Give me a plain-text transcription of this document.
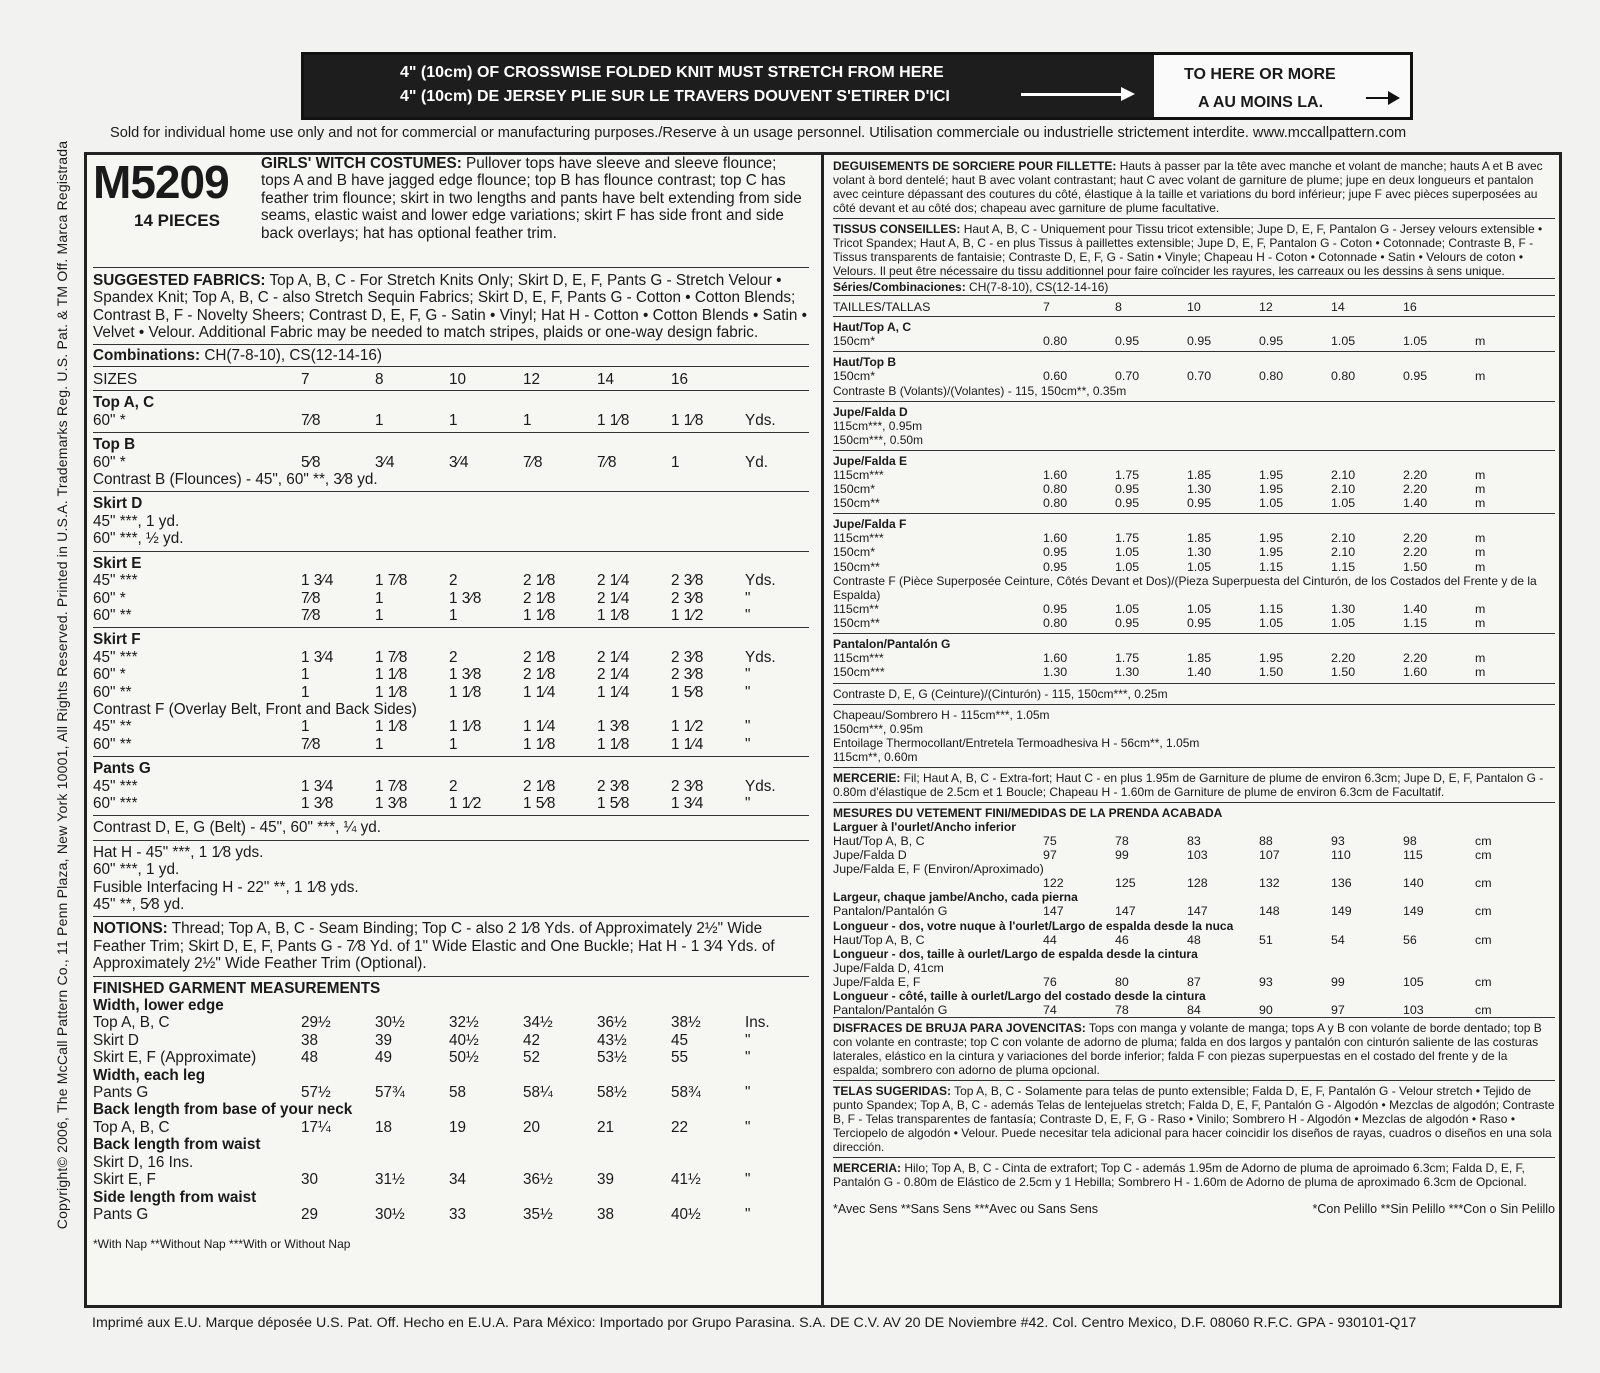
Copyright© 2006, The McCall Pattern Co., 11 Penn Plaza, New York 10001, All Rights Reserved. Printed in U.S.A. Trademarks Reg. U.S. Pat. & TM Off. Marca Registrada
4" (10cm) OF CROSSWISE FOLDED KNIT MUST STRETCH FROM HERE
4" (10cm) DE JERSEY PLIE SUR LE TRAVERS DOUVENT S'ETIRER D'ICI
TO HERE OR MORE
A AU MOINS LA.
Sold for individual home use only and not for commercial or manufacturing purposes./Reserve à un usage personnel. Utilisation commerciale ou industrielle strictement interdite. www.mccallpattern.com
M5209
14 PIECES
GIRLS' WITCH COSTUMES: Pullover tops have sleeve and sleeve flounce; tops A and B have jagged edge flounce; top B has flounce contrast; top C has feather trim flounce; skirt in two lengths and pants have belt extending from side seams, elastic waist and lower edge variations; skirt F has side front and side back overlays; hat has optional feather trim.
SUGGESTED FABRICS: Top A, B, C - For Stretch Knits Only; Skirt D, E, F, Pants G - Stretch Velour • Spandex Knit; Top A, B, C - also Stretch Sequin Fabrics; Skirt D, E, F, Pants G - Cotton • Cotton Blends; Contrast B, F - Novelty Sheers; Contrast D, E, F, G - Satin • Vinyl; Hat H - Cotton • Cotton Blends • Satin • Velvet • Velour. Additional Fabric may be needed to match stripes, plaids or one-way design fabric.
Combinations: CH(7-8-10), CS(12-14-16)
SIZES	7	8	10	12	14	16
Top A, C
60" *	7⁄8	1	1	1	1 1⁄8	1 1⁄8	Yds.
Top B
60" *	5⁄8	3⁄4	3⁄4	7⁄8	7⁄8	1	Yd.
Contrast B (Flounces) - 45", 60" **, 3⁄8 yd.
Skirt D
45" ***, 1 yd.
60" ***, ½ yd.
Skirt E
45" ***	1 3⁄4	1 7⁄8	2	2 1⁄8	2 1⁄4	2 3⁄8	Yds.
60" *	7⁄8	1	1 3⁄8	2 1⁄8	2 1⁄4	2 3⁄8	"
60" **	7⁄8	1	1	1 1⁄8	1 1⁄8	1 1⁄2	"
Skirt F
45" ***	1 3⁄4	1 7⁄8	2	2 1⁄8	2 1⁄4	2 3⁄8	Yds.
60" *	1	1 1⁄8	1 3⁄8	2 1⁄8	2 1⁄4	2 3⁄8	"
60" **	1	1 1⁄8	1 1⁄8	1 1⁄4	1 1⁄4	1 5⁄8	"
Contrast F (Overlay Belt, Front and Back Sides)
45" **	1	1 1⁄8	1 1⁄8	1 1⁄4	1 3⁄8	1 1⁄2	"
60" **	7⁄8	1	1	1 1⁄8	1 1⁄8	1 1⁄4	"
Pants G
45" ***	1 3⁄4	1 7⁄8	2	2 1⁄8	2 3⁄8	2 3⁄8	Yds.
60" ***	1 3⁄8	1 3⁄8	1 1⁄2	1 5⁄8	1 5⁄8	1 3⁄4	"
Contrast D, E, G (Belt) - 45", 60" ***, ¼ yd.
Hat H - 45" ***, 1 1⁄8 yds.
60" ***, 1 yd.
Fusible Interfacing H - 22" **, 1 1⁄8 yds.
45" **, 5⁄8 yd.
NOTIONS: Thread; Top A, B, C - Seam Binding; Top C - also 2 1⁄8 Yds. of Approximately 2½" Wide Feather Trim; Skirt D, E, F, Pants G - 7⁄8 Yd. of 1" Wide Elastic and One Buckle; Hat H - 1 3⁄4 Yds. of Approximately 2½" Wide Feather Trim (Optional).
FINISHED GARMENT MEASUREMENTS
Width, lower edge
Top A, B, C	29½	30½	32½	34½	36½	38½	Ins.
Skirt D	38	39	40½	42	43½	45	"
Skirt E, F (Approximate)	48	49	50½	52	53½	55	"
Width, each leg
Pants G	57½	57¾	58	58¼	58½	58¾	"
Back length from base of your neck
Top A, B, C	17¼	18	19	20	21	22	"
Back length from waist
Skirt D, 16 Ins.
Skirt E, F	30	31½	34	36½	39	41½	"
Side length from waist
Pants G	29	30½	33	35½	38	40½	"
*With Nap **Without Nap ***With or Without Nap
DEGUISEMENTS DE SORCIERE POUR FILLETTE: Hauts à passer par la tête avec manche et volant de manche; hauts A et B avec volant à bord dentelé; haut B avec volant contrastant; haut C avec volant de garniture de plume; jupe en deux longueurs et pantalon avec ceinture dépassant des coutures du côté, élastique à la taille et variations du bord inférieur; jupe F avec pièces superposées au côté devant et au côté dos; chapeau avec garniture de plume facultative.
TISSUS CONSEILLES: Haut A, B, C - Uniquement pour Tissu tricot extensible; Jupe D, E, F, Pantalon G - Jersey velours extensible • Tricot Spandex; Haut A, B, C - en plus Tissus à paillettes extensible; Jupe D, E, F, Pantalon G - Coton • Cotonnade; Contraste B, F - Tissus transparents de fantaisie; Contraste D, E, F, G - Satin • Vinyle; Chapeau H - Coton • Cotonnade • Satin • Velours de coton • Velours. Il peut être nécessaire du tissu additionnel pour faire coïncider les rayures, les carreaux ou les dessins à sens unique.
Séries/Combinaciones: CH(7-8-10), CS(12-14-16)
TAILLES/TALLAS	7	8	10	12	14	16
Haut/Top A, C
150cm*	0.80	0.95	0.95	0.95	1.05	1.05	m
Haut/Top B
150cm*	0.60	0.70	0.70	0.80	0.80	0.95	m
Contraste B (Volants)/(Volantes) - 115, 150cm**, 0.35m
Jupe/Falda D
115cm***, 0.95m
150cm***, 0.50m
Jupe/Falda E
115cm***	1.60	1.75	1.85	1.95	2.10	2.20	m
150cm*	0.80	0.95	1.30	1.95	2.10	2.20	m
150cm**	0.80	0.95	0.95	1.05	1.05	1.40	m
Jupe/Falda F
115cm***	1.60	1.75	1.85	1.95	2.10	2.20	m
150cm*	0.95	1.05	1.30	1.95	2.10	2.20	m
150cm**	0.95	1.05	1.05	1.15	1.15	1.50	m
Contraste F (Pièce Superposée Ceinture, Côtés Devant et Dos)/(Pieza Superpuesta del Cinturón, de los Costados del Frente y de la Espalda)
115cm**	0.95	1.05	1.05	1.15	1.30	1.40	m
150cm**	0.80	0.95	0.95	1.05	1.05	1.15	m
Pantalon/Pantalón G
115cm***	1.60	1.75	1.85	1.95	2.20	2.20	m
150cm***	1.30	1.30	1.40	1.50	1.50	1.60	m
Contraste D, E, G (Ceinture)/(Cinturón) - 115, 150cm***, 0.25m
Chapeau/Sombrero H - 115cm***, 1.05m
150cm***, 0.95m
Entoilage Thermocollant/Entretela Termoadhesiva H - 56cm**, 1.05m
115cm**, 0.60m
MERCERIE: Fil; Haut A, B, C - Extra-fort; Haut C - en plus 1.95m de Garniture de plume de environ 6.3cm; Jupe D, E, F, Pantalon G - 0.80m d'élastique de 2.5cm et 1 Boucle; Chapeau H - 1.60m de Garniture de plume de environ 6.3cm de Facultatif.
MESURES DU VETEMENT FINI/MEDIDAS DE LA PRENDA ACABADA
Larguer à l'ourlet/Ancho inferior
Haut/Top A, B, C	75	78	83	88	93	98	cm
Jupe/Falda D	97	99	103	107	110	115	cm
Jupe/Falda E, F (Environ/Aproximado)
122	125	128	132	136	140	cm
Largeur, chaque jambe/Ancho, cada pierna
Pantalon/Pantalón G	147	147	147	148	149	149	cm
Longueur - dos, votre nuque à l'ourlet/Largo de espalda desde la nuca
Haut/Top A, B, C	44	46	48	51	54	56	cm
Longueur - dos, taille à ourlet/Largo de espalda desde la cintura
Jupe/Falda D, 41cm
Jupe/Falda E, F	76	80	87	93	99	105	cm
Longueur - côté, taille à ourlet/Largo del costado desde la cintura
Pantalon/Pantalón G	74	78	84	90	97	103	cm
DISFRACES DE BRUJA PARA JOVENCITAS: Tops con manga y volante de manga; tops A y B con volante de borde dentado; top B con volante en contraste; top C con volante de adorno de pluma; falda en dos largos y pantalón con cinturón saliente de las costuras laterales, elástico en la cintura y variaciones del borde inferior; falda F con piezas superpuestas en el costado del frente y de la espalda; sombrero con adorno de pluma opcional.
TELAS SUGERIDAS: Top A, B, C - Solamente para telas de punto extensible; Falda D, E, F, Pantalón G - Velour stretch • Tejido de punto Spandex; Top A, B, C - además Telas de lentejuelas stretch; Falda D, E, F, Pantalón G - Algodón • Mezclas de algodón; Contraste B, F - Telas transparentes de fantasía; Contraste D, E, F, G - Raso • Vinilo; Sombrero H - Algodón • Mezclas de algodón • Raso • Terciopelo de algodón • Velour. Puede necesitar tela adicional para hacer coincidir los diseños de rayas, cuadros o diseños en una sola dirección.
MERCERIA: Hilo; Top A, B, C - Cinta de extrafort; Top C - además 1.95m de Adorno de pluma de aproimado 6.3cm; Falda D, E, F, Pantalón G - 0.80m de Elástico de 2.5cm y 1 Hebilla; Sombrero H - 1.60m de Adorno de pluma de aproximado 6.3cm de Opcional.
*Avec Sens **Sans Sens ***Avec ou Sans Sens	*Con Pelillo **Sin Pelillo ***Con o Sin Pelillo
Imprimé aux E.U. Marque déposée U.S. Pat. Off. Hecho en E.U.A. Para México: Importado por Grupo Parasina. S.A. DE C.V. AV 20 DE Noviembre #42. Col. Centro Mexico, D.F. 08060 R.F.C. GPA - 930101-Q17
